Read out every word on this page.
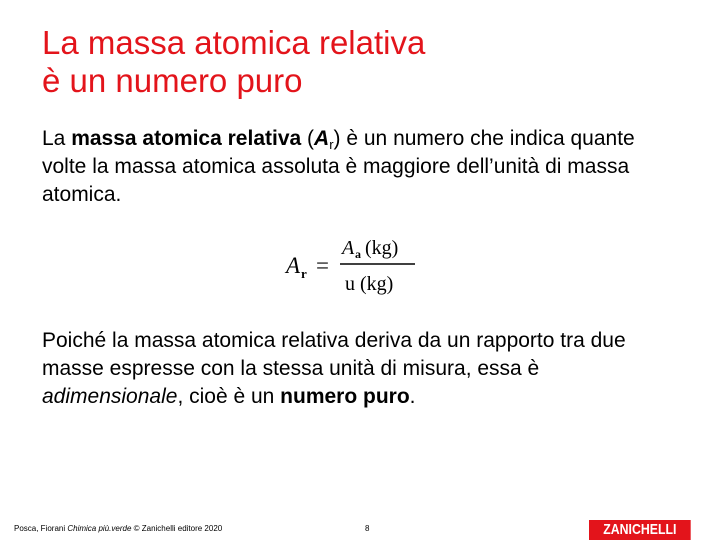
La massa atomica relativa
è un numero puro

La massa atomica relativa $(A_r)$ è un numero che indica quante volte la massa atomica assoluta è maggiore dell’unità di massa atomica.

A r =
A a (kg)
u (kg)

Poiché la massa atomica relativa deriva da un rapporto tra due masse espresse con la stessa unità di misura, essa è adimensionale, cioè è un numero puro.

Posca, Fiorani Chimica più.verde © Zanichelli editore 2020	8	ZANICHELLI
